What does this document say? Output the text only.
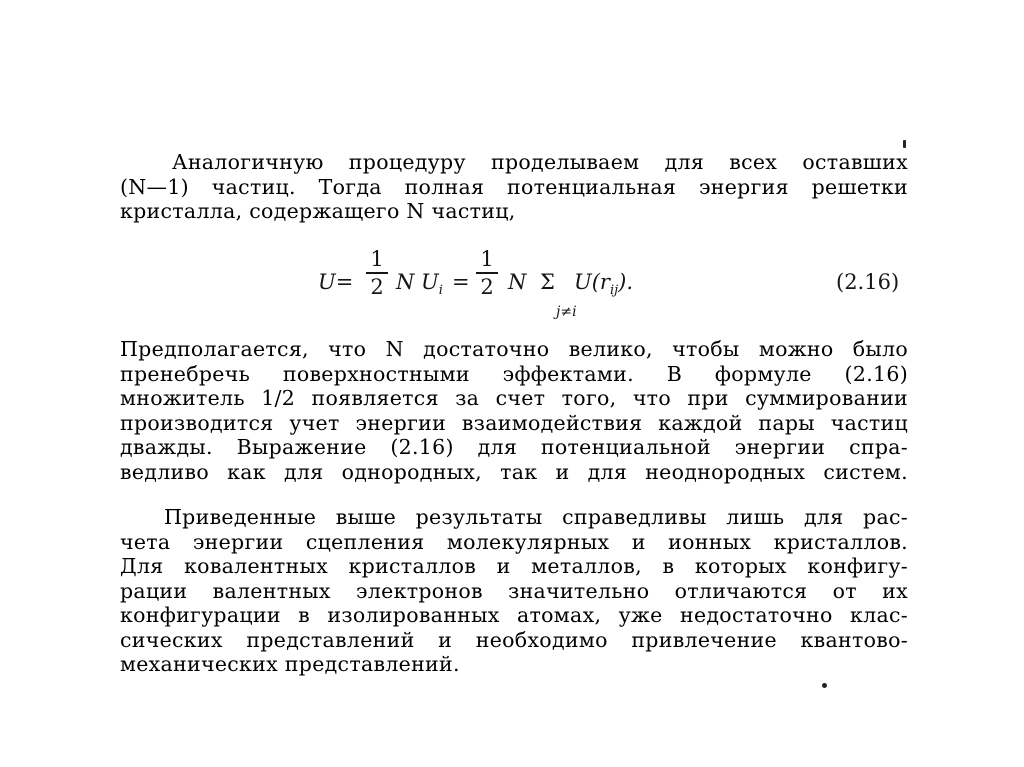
Аналогичную процедуру проделываем для всех оставших
(N—1) частиц. Тогда полная потенциальная энергия решетки
кристалла, содержащего N частиц,
U=
1
2 N $U_i$ =
1
2 N Σ
j≠i
$U(r_{ij})$.	(2.16)
Предполагается, что N достаточно велико, чтобы можно было
пренебречь поверхностными эффектами. В формуле (2.16)
множитель 1/2 появляется за счет того, что при суммировании
производится учет энергии взаимодействия каждой пары частиц
дважды. Выражение (2.16) для потенциальной энергии спра-
ведливо как для однородных, так и для неоднородных систем.
Приведенные выше результаты справедливы лишь для рас-
чета энергии сцепления молекулярных и ионных кристаллов.
Для ковалентных кристаллов и металлов, в которых конфигу-
рации валентных электронов значительно отличаются от их
конфигурации в изолированных атомах, уже недостаточно клас-
сических представлений и необходимо привлечение квантово-
механических представлений.
